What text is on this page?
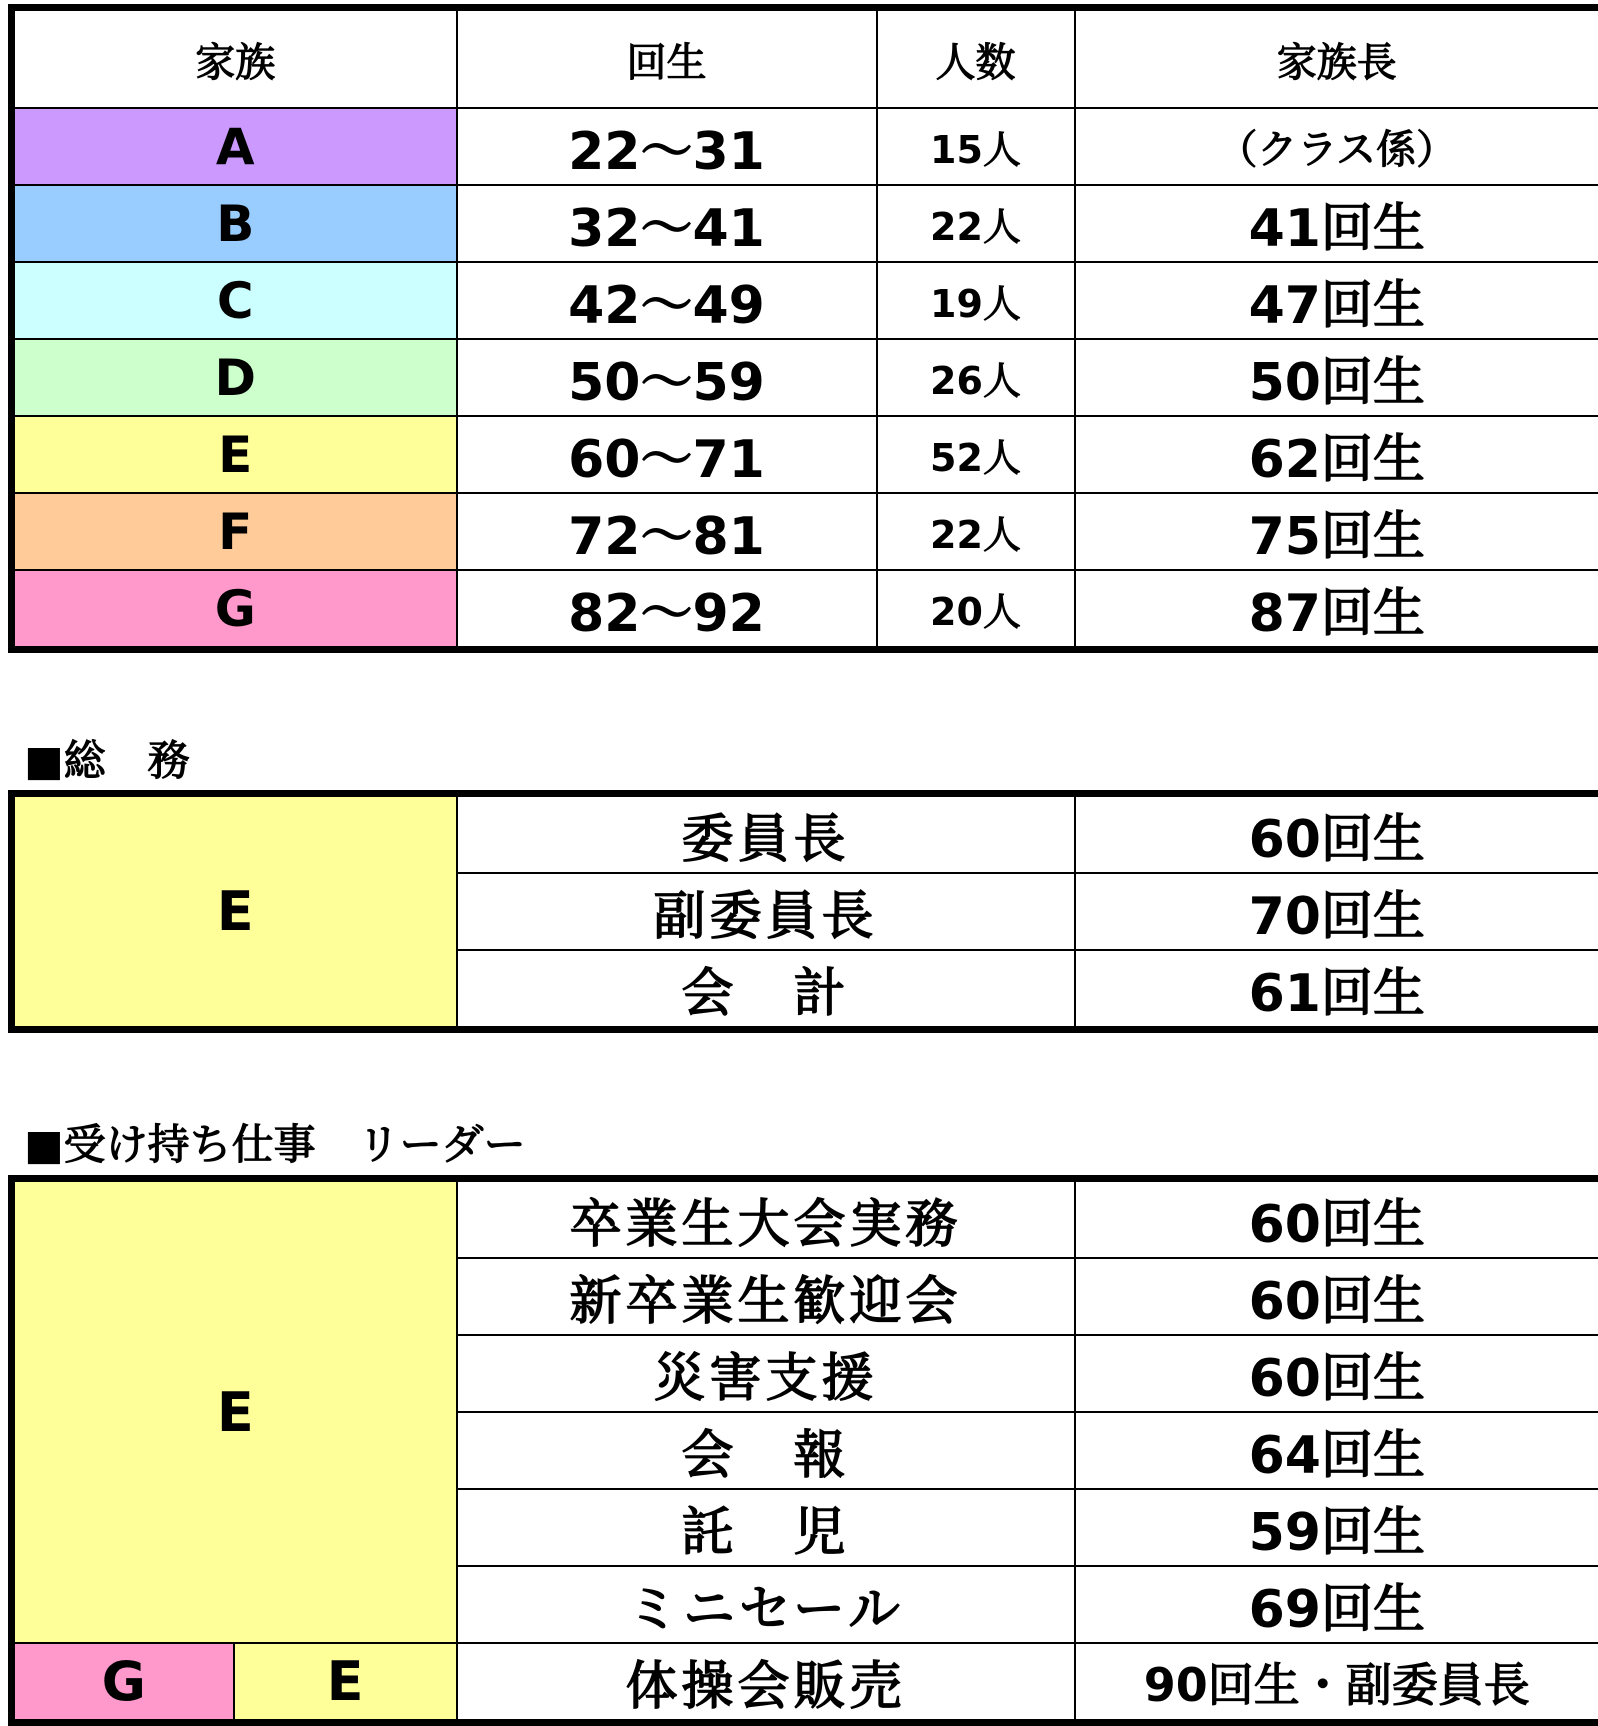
家族	回生	人数	家族長
A	22～31	15人	（クラス係）
B	32～41	22人	41回生
C	42～49	19人	47回生
D	50～59	26人	50回生
E	60～71	52人	62回生
F	72～81	22人	75回生
G	82～92	20人	87回生
■総　務
E	委員長	60回生
	副委員長	70回生
	会　計	61回生
■受け持ち仕事　リーダー
E		卒業生大会実務	60回生
		新卒業生歓迎会	60回生
		災害支援	60回生
		会　報	64回生
		託　児	59回生
		ミニセール	69回生
G	E	体操会販売	90回生・副委員長
